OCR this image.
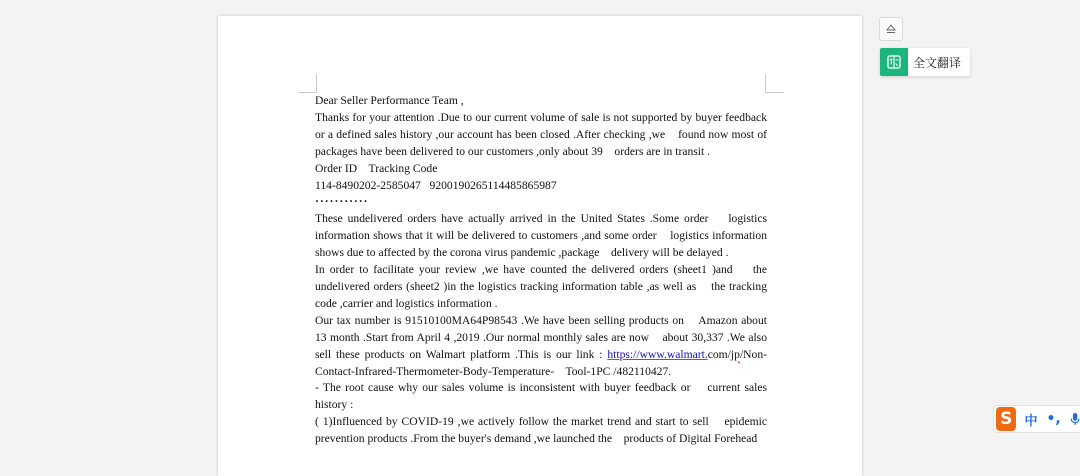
Dear Seller Performance Team ,

Thanks for your attention .Due to our current volume of sale is not supported by buyer feedback or a defined sales history ,our account has been closed .After checking ,we    found now most of packages have been delivered to our customers ,only about 39    orders are in transit .

Order ID    Tracking Code

114-8490202-2585047   9200190265114485865987

···········

These undelivered orders have actually arrived in the United States .Some order    logistics information shows that it will be delivered to customers ,and some order    logistics information shows due to affected by the corona virus pandemic ,package    delivery will be delayed .

In order to facilitate your review ,we have counted the delivered orders (sheet1 )and    the undelivered orders (sheet2 )in the logistics tracking information table ,as well as    the tracking code ,carrier and logistics information .

Our tax number is 91510100MA64P98543 .We have been selling products on    Amazon about 13 month .Start from April 4 ,2019 .Our normal monthly sales are now    about 30,337 .We also sell these products on Walmart platform .This is our link : https://www.walmart.com/jp/Non-Contact-Infrared-Thermometer-Body-Temperature-    Tool-1PC /482110427.

- The root cause why our sales volume is inconsistent with buyer feedback or    current sales history :

( 1)Influenced by COVID-19 ,we actively follow the market trend and start to sell    epidemic prevention products .From the buyer's demand ,we launched the    products of Digital Forehead

全文翻译
S 中 •,
